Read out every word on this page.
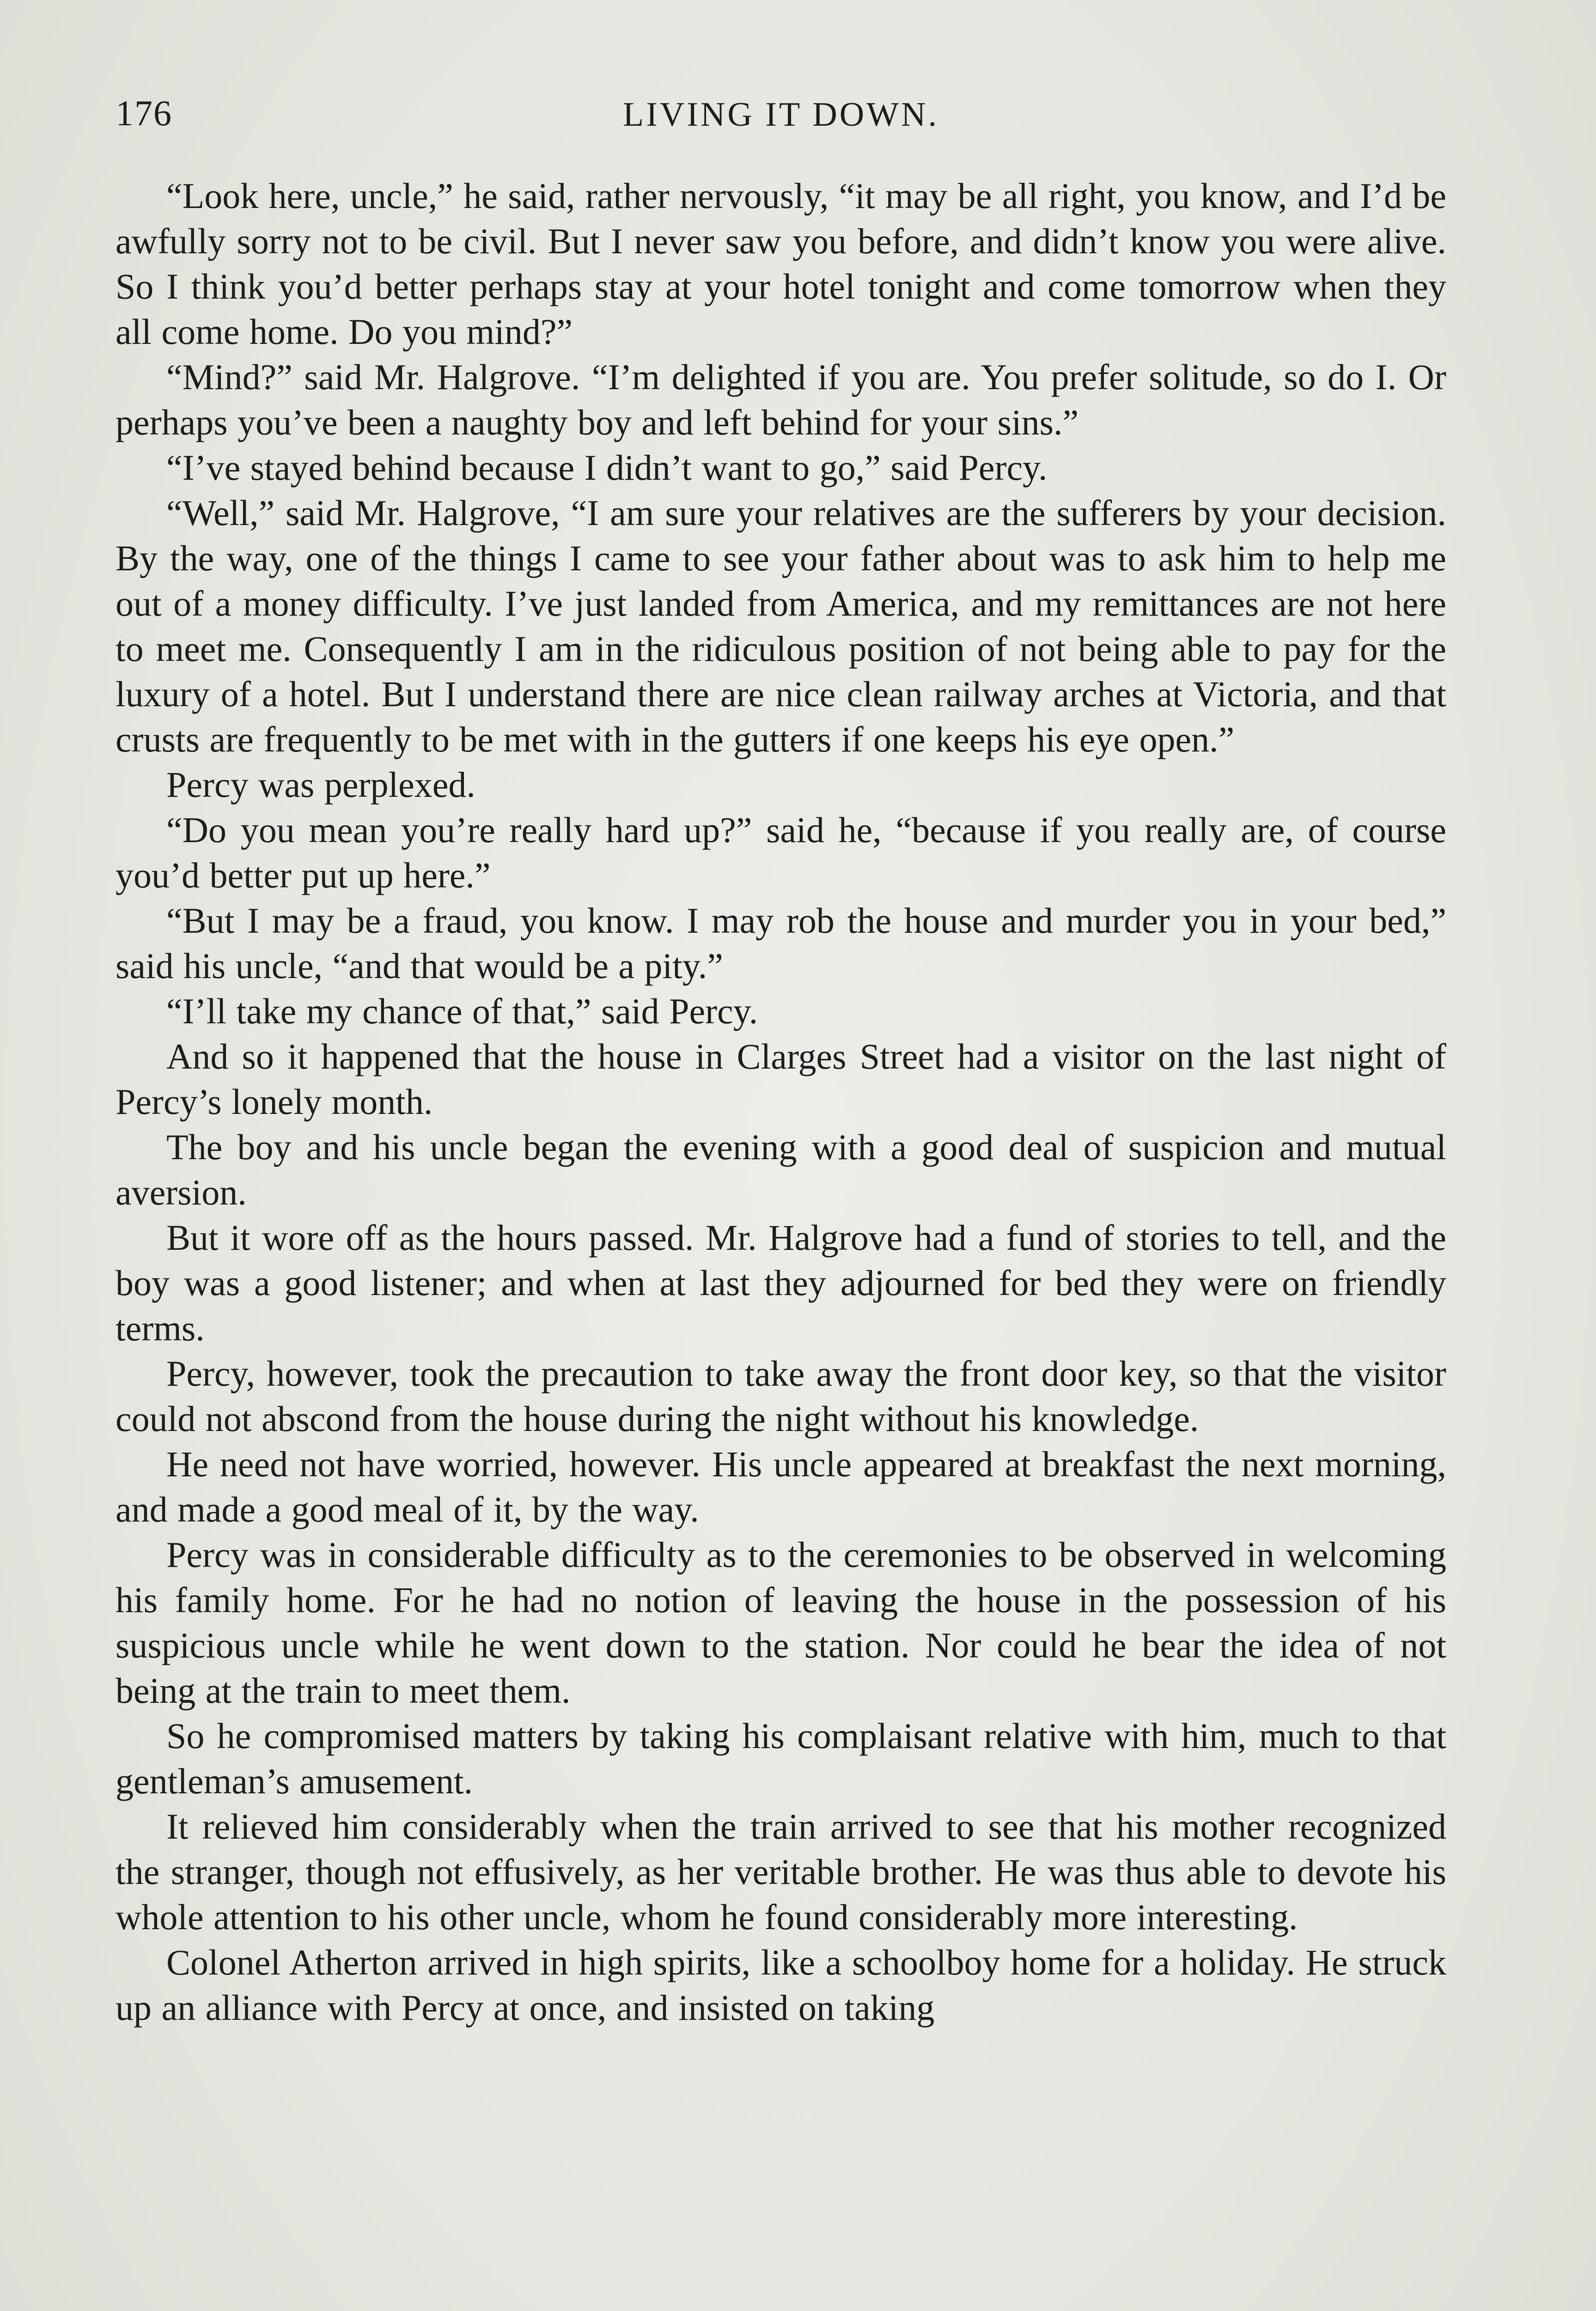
176	LIVING IT DOWN.

“Look here, uncle,” he said, rather nervously, “it may be all right, you know, and I’d be awfully sorry not to be civil. But I never saw you before, and didn’t know you were alive. So I think you’d better perhaps stay at your hotel tonight and come tomorrow when they all come home. Do you mind?”

“Mind?” said Mr. Halgrove. “I’m delighted if you are. You prefer solitude, so do I. Or perhaps you’ve been a naughty boy and left behind for your sins.”

“I’ve stayed behind because I didn’t want to go,” said Percy.

“Well,” said Mr. Halgrove, “I am sure your relatives are the sufferers by your decision. By the way, one of the things I came to see your father about was to ask him to help me out of a money difficulty. I’ve just landed from America, and my remittances are not here to meet me. Consequently I am in the ridiculous position of not being able to pay for the luxury of a hotel. But I understand there are nice clean railway arches at Victoria, and that crusts are frequently to be met with in the gutters if one keeps his eye open.”

Percy was perplexed.

“Do you mean you’re really hard up?” said he, “because if you really are, of course you’d better put up here.”

“But I may be a fraud, you know. I may rob the house and murder you in your bed,” said his uncle, “and that would be a pity.”

“I’ll take my chance of that,” said Percy.

And so it happened that the house in Clarges Street had a visitor on the last night of Percy’s lonely month.

The boy and his uncle began the evening with a good deal of suspicion and mutual aversion.

But it wore off as the hours passed. Mr. Halgrove had a fund of stories to tell, and the boy was a good listener; and when at last they adjourned for bed they were on friendly terms.

Percy, however, took the precaution to take away the front door key, so that the visitor could not abscond from the house during the night without his knowledge.

He need not have worried, however. His uncle appeared at breakfast the next morning, and made a good meal of it, by the way.

Percy was in considerable difficulty as to the ceremonies to be observed in welcoming his family home. For he had no notion of leaving the house in the possession of his suspicious uncle while he went down to the station. Nor could he bear the idea of not being at the train to meet them.

So he compromised matters by taking his complaisant relative with him, much to that gentleman’s amusement.

It relieved him considerably when the train arrived to see that his mother recognized the stranger, though not effusively, as her veritable brother. He was thus able to devote his whole attention to his other uncle, whom he found considerably more interesting.

Colonel Atherton arrived in high spirits, like a schoolboy home for a holiday. He struck up an alliance with Percy at once, and insisted on taking
